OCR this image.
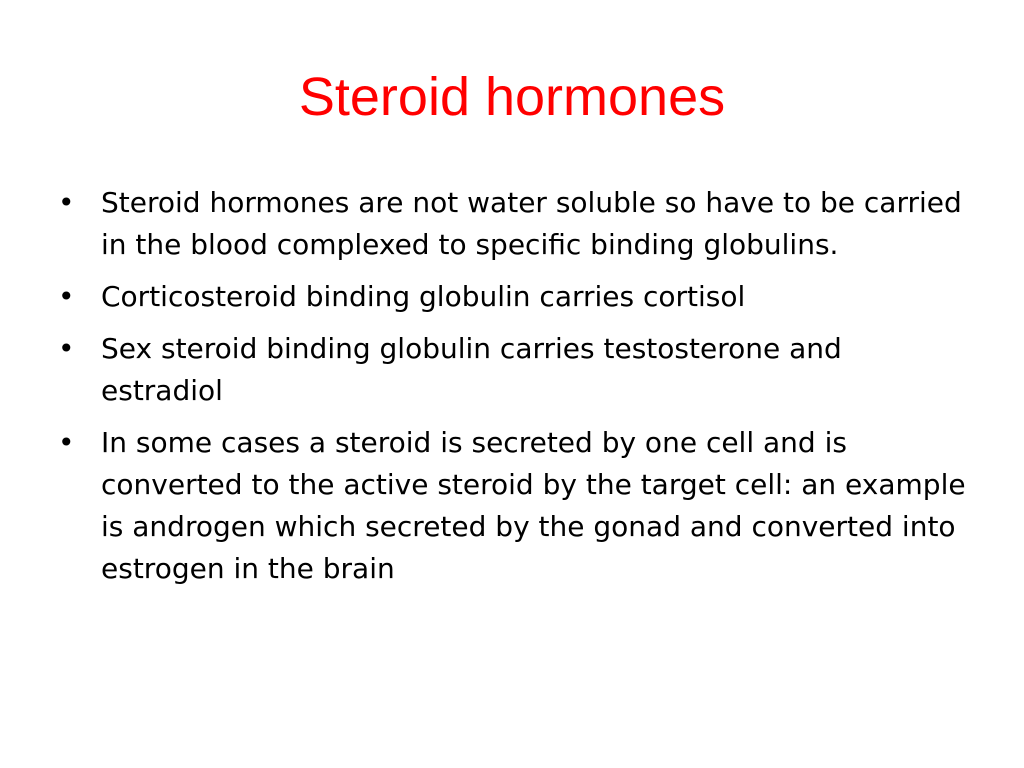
Steroid hormones
• Steroid hormones are not water soluble so have to be carried in the blood complexed to specific binding globulins.
• Corticosteroid binding globulin carries cortisol
• Sex steroid binding globulin carries testosterone and estradiol
• In some cases a steroid is secreted by one cell and is converted to the active steroid by the target cell: an example is androgen which secreted by the gonad and converted into estrogen in the brain
